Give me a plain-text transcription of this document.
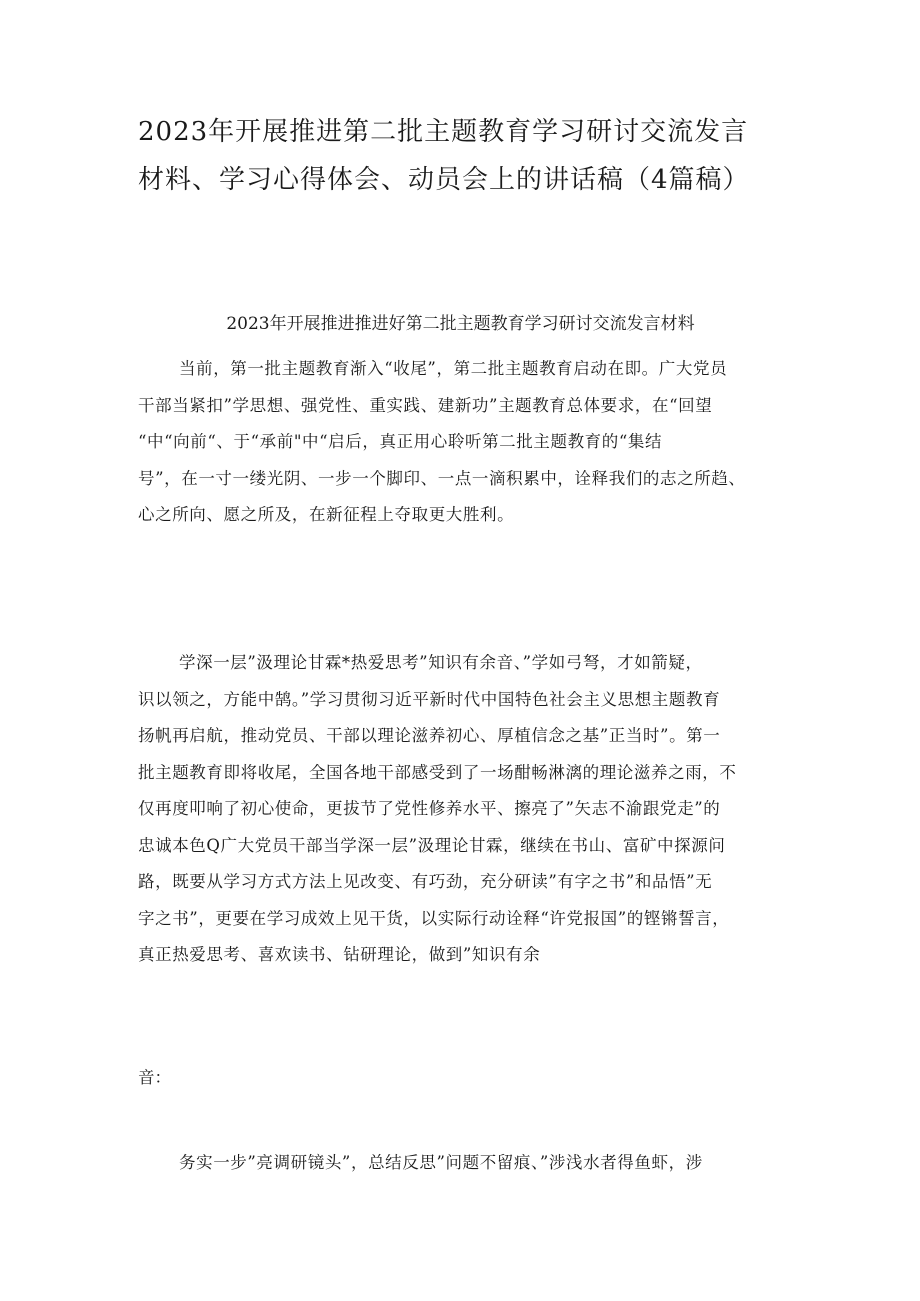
2023年开展推进第二批主题教育学习研讨交流发言
材料、学习心得体会、动员会上的讲话稿（4篇稿）
2023年开展推进推进好第二批主题教育学习研讨交流发言材料
当前，第一批主题教育渐入“收尾”，第二批主题教育启动在即。广大党员
干部当紧扣”学思想、强党性、重实践、建新功”主题教育总体要求，在“回望
“中“向前“、于“承前"中“启后，真正用心聆听第二批主题教育的“集结
号”，在一寸一缕光阴、一步一个脚印、一点一滴积累中，诠释我们的志之所趋、
心之所向、愿之所及，在新征程上夺取更大胜利。
学深一层”汲理论甘霖*热爱思考”知识有余音、”学如弓弩，才如箭疑，
识以领之，方能中鹄。”学习贯彻习近平新时代中国特色社会主义思想主题教育
扬帆再启航，推动党员、干部以理论滋养初心、厚植信念之基”正当时”。第一
批主题教育即将收尾，全国各地干部感受到了一场酣畅淋漓的理论滋养之雨，不
仅再度叩响了初心使命，更拔节了党性修养水平、擦亮了”矢志不渝跟党走”的
忠诚本色Q广大党员干部当学深一层”汲理论甘霖，继续在书山、富矿中探源问
路，既要从学习方式方法上见改变、有巧劲，充分研读”有字之书”和品悟”无
字之书”，更要在学习成效上见干货，以实际行动诠释“许党报国”的铿锵誓言，
真正热爱思考、喜欢读书、钻研理论，做到”知识有余

音：

务实一步”亮调研镜头”，总结反思”问题不留痕、”涉浅水者得鱼虾，涉
